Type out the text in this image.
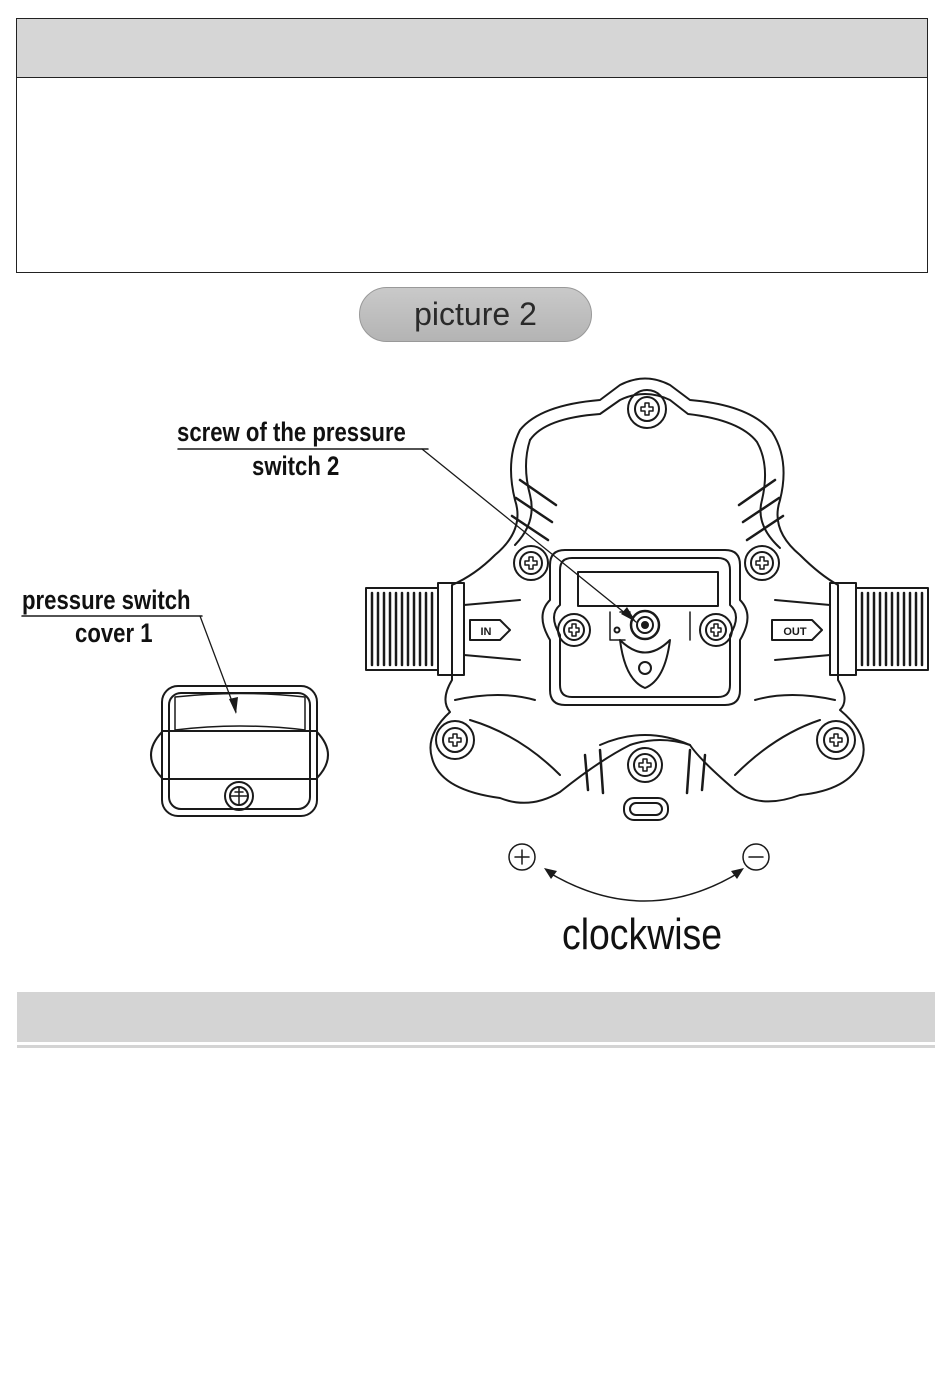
picture 2
IN	OUT
screw of the pressure
switch 2
pressure switch
cover 1
clockwise
